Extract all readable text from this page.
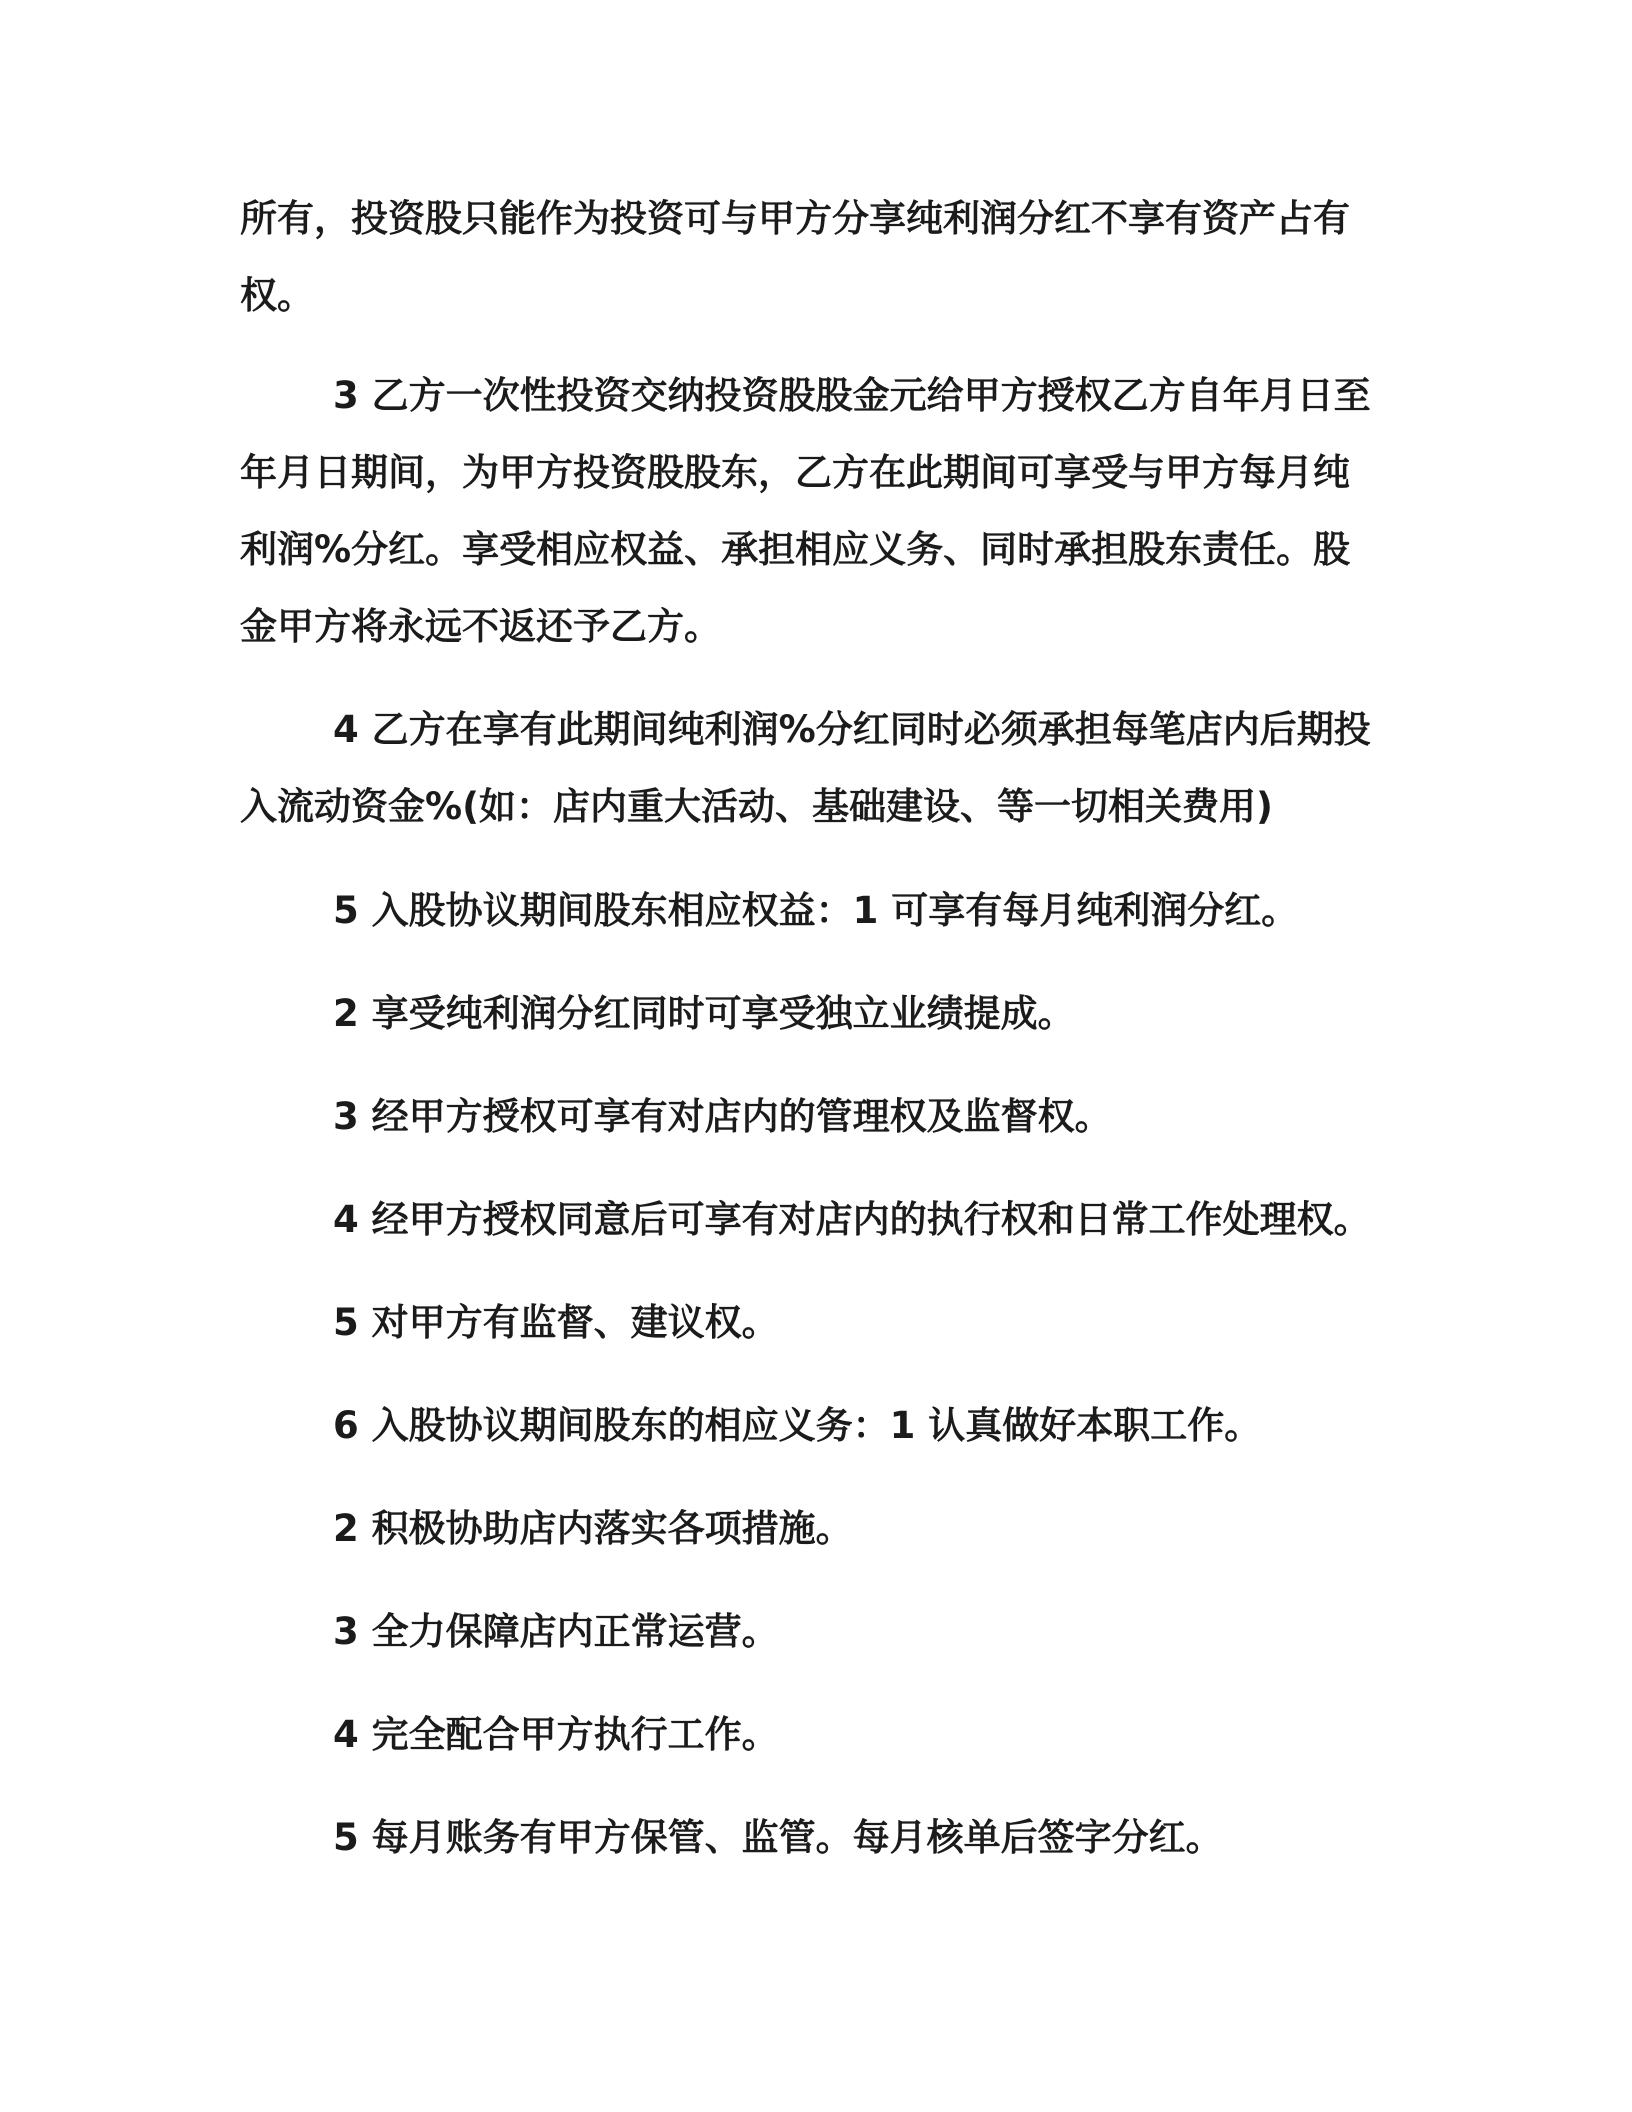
所有，投资股只能作为投资可与甲方分享纯利润分红不享有资产占有
权。

3 乙方一次性投资交纳投资股股金元给甲方授权乙方自年月日至
年月日期间，为甲方投资股股东，乙方在此期间可享受与甲方每月纯
利润%分红。享受相应权益、承担相应义务、同时承担股东责任。股
金甲方将永远不返还予乙方。

4 乙方在享有此期间纯利润%分红同时必须承担每笔店内后期投
入流动资金%(如：店内重大活动、基础建设、等一切相关费用)

5 入股协议期间股东相应权益：1 可享有每月纯利润分红。

2 享受纯利润分红同时可享受独立业绩提成。

3 经甲方授权可享有对店内的管理权及监督权。

4 经甲方授权同意后可享有对店内的执行权和日常工作处理权。

5 对甲方有监督、建议权。

6 入股协议期间股东的相应义务：1 认真做好本职工作。

2 积极协助店内落实各项措施。

3 全力保障店内正常运营。

4 完全配合甲方执行工作。

5 每月账务有甲方保管、监管。每月核单后签字分红。
